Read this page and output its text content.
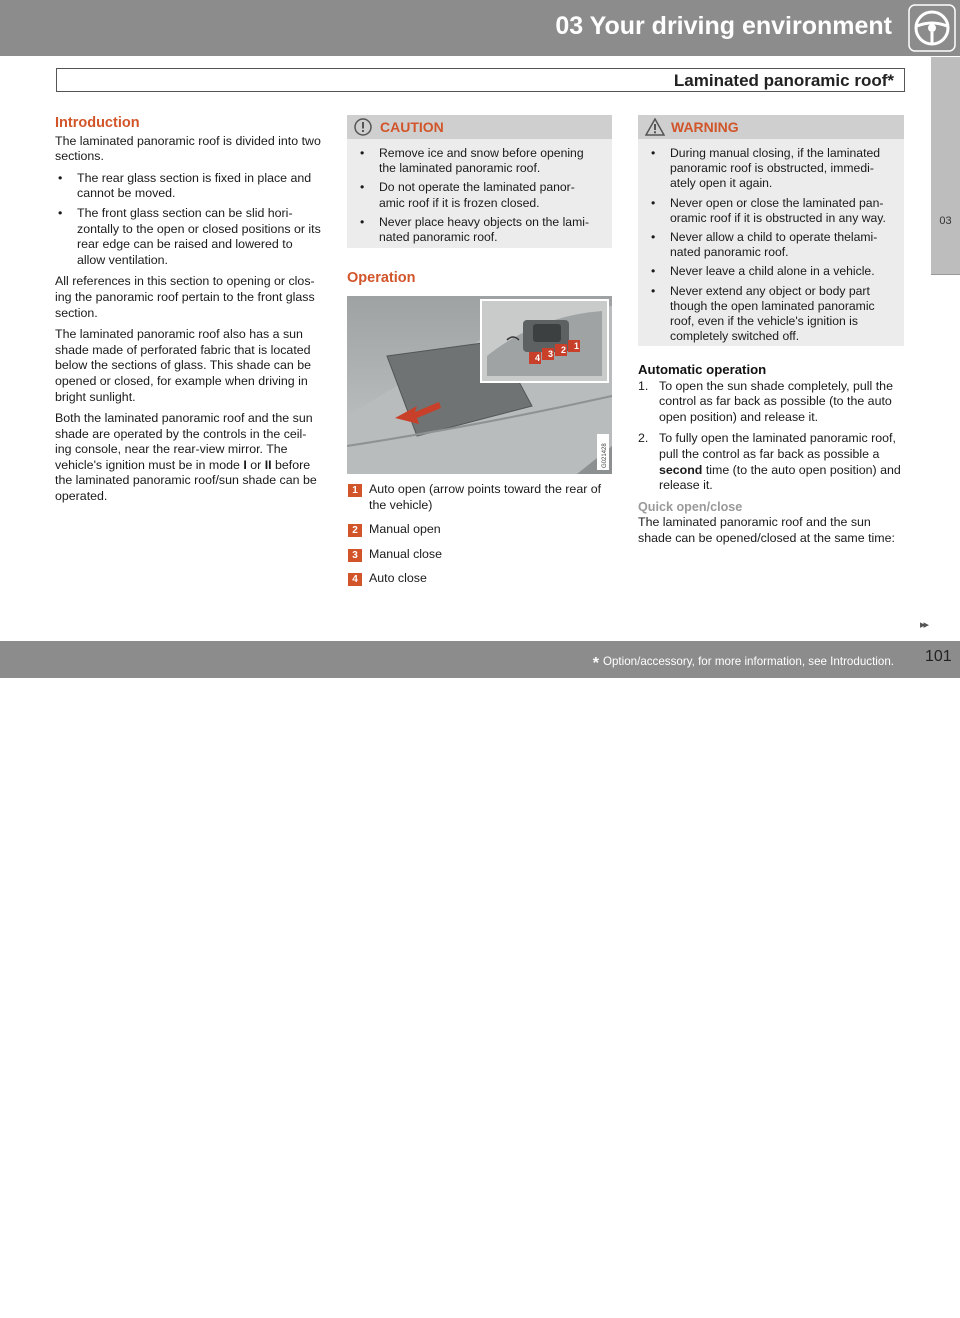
03 Your driving environment
Laminated panoramic roof*
03
Introduction

The laminated panoramic roof is divided into two sections.

• The rear glass section is fixed in place and cannot be moved.
• The front glass section can be slid hori-zontally to the open or closed positions or its rear edge can be raised and lowered to allow ventilation.

All references in this section to opening or clos-ing the panoramic roof pertain to the front glass section.

The laminated panoramic roof also has a sun shade made of perforated fabric that is located below the sections of glass. This shade can be opened or closed, for example when driving in bright sunlight.

Both the laminated panoramic roof and the sun shade are operated by the controls in the ceil-ing console, near the rear-view mirror. The vehicle's ignition must be in mode I or II before the laminated panoramic roof/sun shade can be operated.

CAUTION
• Remove ice and snow before opening the laminated panoramic roof.
• Do not operate the laminated panor-amic roof if it is frozen closed.
• Never place heavy objects on the lami-nated panoramic roof.
Operation
4 3 2 1
G021428
1 Auto open (arrow points toward the rear of the vehicle)
2 Manual open
3 Manual close
4 Auto close
WARNING
• During manual closing, if the laminated panoramic roof is obstructed, immedi-ately open it again.
• Never open or close the laminated pan-oramic roof if it is obstructed in any way.
• Never allow a child to operate thelami-nated panoramic roof.
• Never leave a child alone in a vehicle.
• Never extend any object or body part though the open laminated panoramic roof, even if the vehicle's ignition is completely switched off.
Automatic operation
1. To open the sun shade completely, pull the control as far back as possible (to the auto open position) and release it.
2. To fully open the laminated panoramic roof, pull the control as far back as possible a second time (to the auto open position) and release it.
Quick open/close

The laminated panoramic roof and the sun shade can be opened/closed at the same time:

▸▸
carmanualsonline.info
* Option/accessory, for more information, see Introduction. 101
